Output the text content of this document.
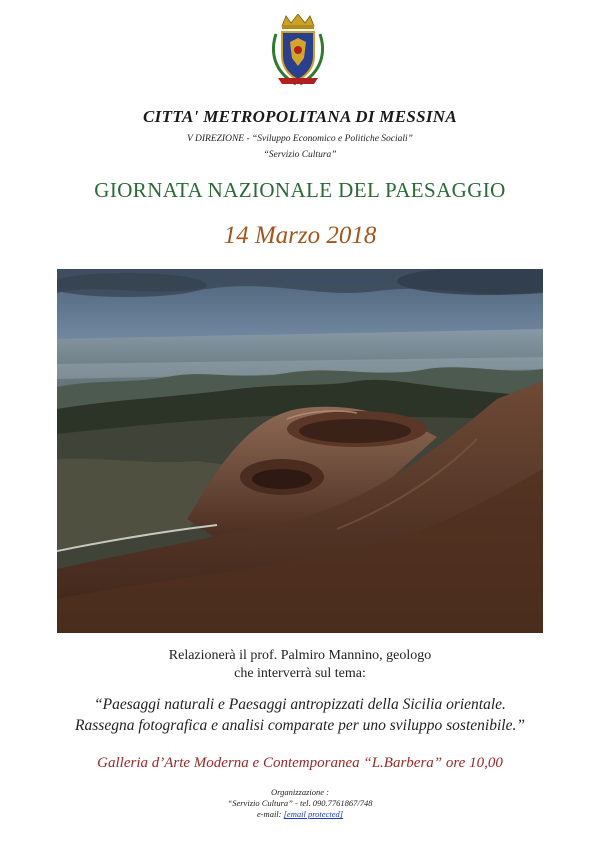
CITTA' METROPOLITANA DI MESSINA
V DIREZIONE - “Sviluppo Economico e Politiche Sociali”
“Servizio Cultura”
GIORNATA NAZIONALE DEL PAESAGGIO
14 Marzo 2018
Relazionerà il prof. Palmiro Mannino, geologo
che interverrà sul tema:
“Paesaggi naturali e Paesaggi antropizzati della Sicilia orientale.
Rassegna fotografica e analisi comparate per uno sviluppo sostenibile.”
Galleria d’Arte Moderna e Contemporanea “L.Barbera” ore 10,00
Organizzazione :
“Servizio Cultura” - tel. 090.7761867/748
e-mail: [email protected]
